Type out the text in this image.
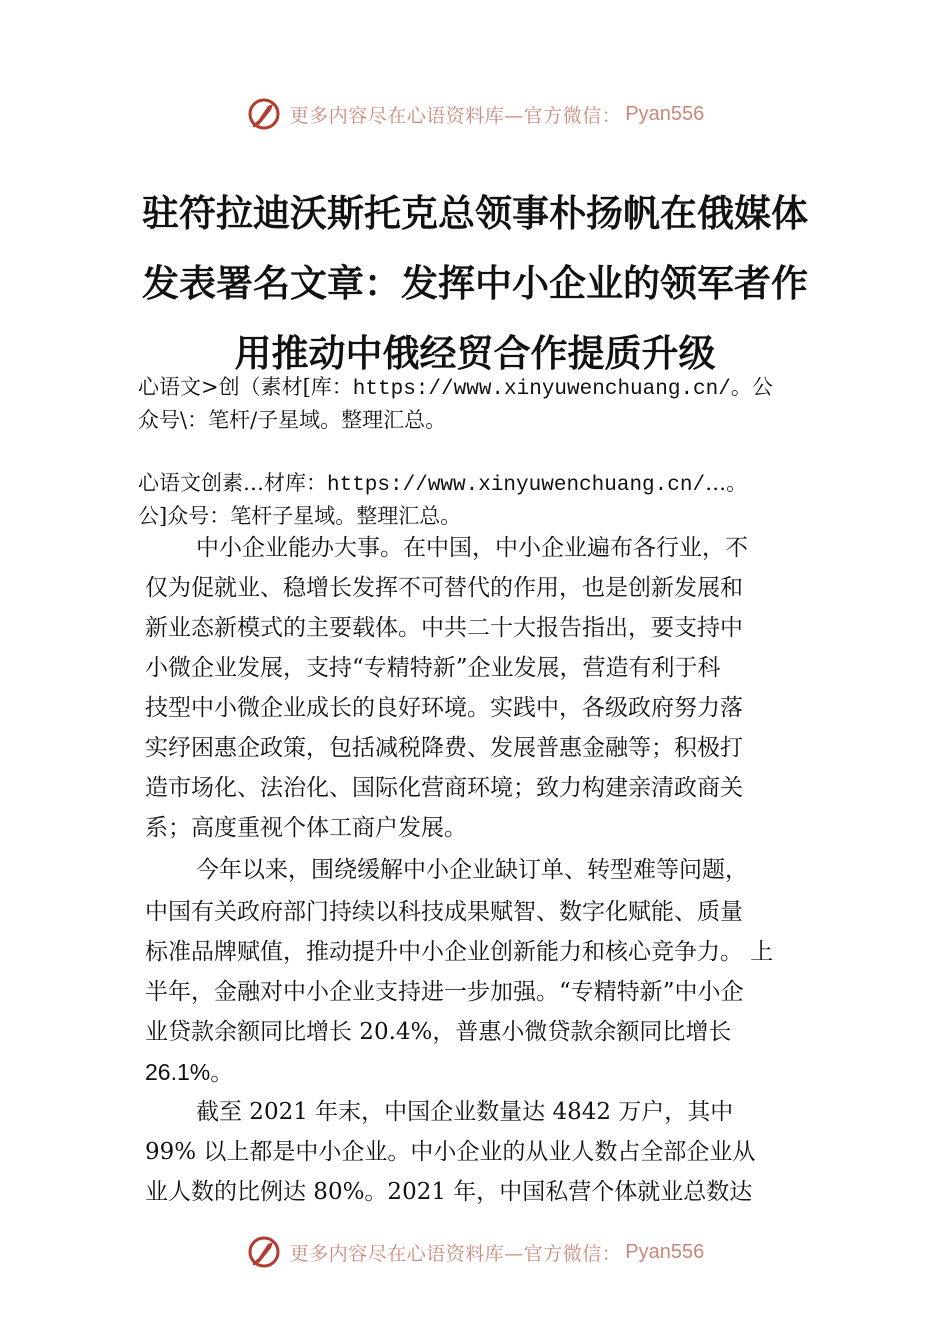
更多内容尽在心语资料库—官方微信： Pyan556
驻符拉迪沃斯托克总领事朴扬帆在俄媒体
发表署名文章：发挥中小企业的领军者作
用推动中俄经贸合作提质升级
心语文>创（素材[库：https://www.xinyuwenchuang.cn/。公
众号\：笔杆/子星域。整理汇总。
心语文创素…材库：https://www.xinyuwenchuang.cn/…。
公]众号：笔杆子星域。整理汇总。
中小企业能办大事。在中国，中小企业遍布各行业，不
仅为促就业、稳增长发挥不可替代的作用，也是创新发展和
新业态新模式的主要载体。中共二十大报告指出，要支持中
小微企业发展，支持“专精特新”企业发展，营造有利于科
技型中小微企业成长的良好环境。实践中，各级政府努力落
实纾困惠企政策，包括减税降费、发展普惠金融等；积极打
造市场化、法治化、国际化营商环境；致力构建亲清政商关
系；高度重视个体工商户发展。
今年以来，围绕缓解中小企业缺订单、转型难等问题，
中国有关政府部门持续以科技成果赋智、数字化赋能、质量
标准品牌赋值，推动提升中小企业创新能力和核心竞争力。 上
半年，金融对中小企业支持进一步加强。“专精特新”中小企
业贷款余额同比增长 20.4%，普惠小微贷款余额同比增长
26.1%。
截至 2021 年末，中国企业数量达 4842 万户，其中
99% 以上都是中小企业。中小企业的从业人数占全部企业从
业人数的比例达 80%。2021 年，中国私营个体就业总数达
更多内容尽在心语资料库—官方微信： Pyan556
